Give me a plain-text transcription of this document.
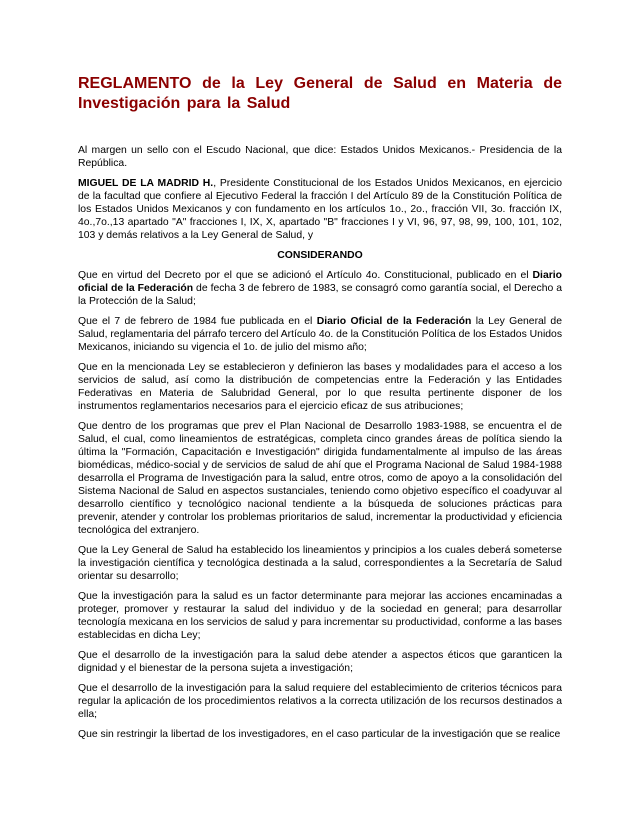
REGLAMENTO de la Ley General de Salud en Materia de Investigación para la Salud

Al margen un sello con el Escudo Nacional, que dice: Estados Unidos Mexicanos.- Presidencia de la República.

MIGUEL DE LA MADRID H., Presidente Constitucional de los Estados Unidos Mexicanos, en ejercicio de la facultad que confiere al Ejecutivo Federal la fracción I del Artículo 89 de la Constitución Política de los Estados Unidos Mexicanos y con fundamento en los artículos 1o., 2o., fracción VII, 3o. fracción IX, 4o.,7o.,13 apartado "A" fracciones I, IX, X, apartado "B" fracciones I y VI, 96, 97, 98, 99, 100, 101, 102, 103 y demás relativos a la Ley General de Salud, y

CONSIDERANDO

Que en virtud del Decreto por el que se adicionó el Artículo 4o. Constitucional, publicado en el Diario oficial de la Federación de fecha 3 de febrero de 1983, se consagró como garantía social, el Derecho a la Protección de la Salud;

Que el 7 de febrero de 1984 fue publicada en el Diario Oficial de la Federación la Ley General de Salud, reglamentaria del párrafo tercero del Artículo 4o. de la Constitución Política de los Estados Unidos Mexicanos, iniciando su vigencia el 1o. de julio del mismo año;

Que en la mencionada Ley se establecieron y definieron las bases y modalidades para el acceso a los servicios de salud, así como la distribución de competencias entre la Federación y las Entidades Federativas en Materia de Salubridad General, por lo que resulta pertinente disponer de los instrumentos reglamentarios necesarios para el ejercicio eficaz de sus atribuciones;

Que dentro de los programas que prev el Plan Nacional de Desarrollo 1983-1988, se encuentra el de Salud, el cual, como lineamientos de estratégicas, completa cinco grandes áreas de política siendo la última la "Formación, Capacitación e Investigación" dirigida fundamentalmente al impulso de las áreas biomédicas, médico-social y de servicios de salud de ahí que el Programa Nacional de Salud 1984-1988 desarrolla el Programa de Investigación para la salud, entre otros, como de apoyo a la consolidación del Sistema Nacional de Salud en aspectos sustanciales, teniendo como objetivo específico el coadyuvar al desarrollo científico y tecnológico nacional tendiente a la búsqueda de soluciones prácticas para prevenir, atender y controlar los problemas prioritarios de salud, incrementar la productividad y eficiencia tecnológica del extranjero.

Que la Ley General de Salud ha establecido los lineamientos y principios a los cuales deberá someterse la investigación científica y tecnológica destinada a la salud, correspondientes a la Secretaría de Salud orientar su desarrollo;

Que la investigación para la salud es un factor determinante para mejorar las acciones encaminadas a proteger, promover y restaurar la salud del individuo y de la sociedad en general; para desarrollar tecnología mexicana en los servicios de salud y para incrementar su productividad, conforme a las bases establecidas en dicha Ley;

Que el desarrollo de la investigación para la salud debe atender a aspectos éticos que garanticen la dignidad y el bienestar de la persona sujeta a investigación;

Que el desarrollo de la investigación para la salud requiere del establecimiento de criterios técnicos para regular la aplicación de los procedimientos relativos a la correcta utilización de los recursos destinados a ella;

Que sin restringir la libertad de los investigadores, en el caso particular de la investigación que se realice
